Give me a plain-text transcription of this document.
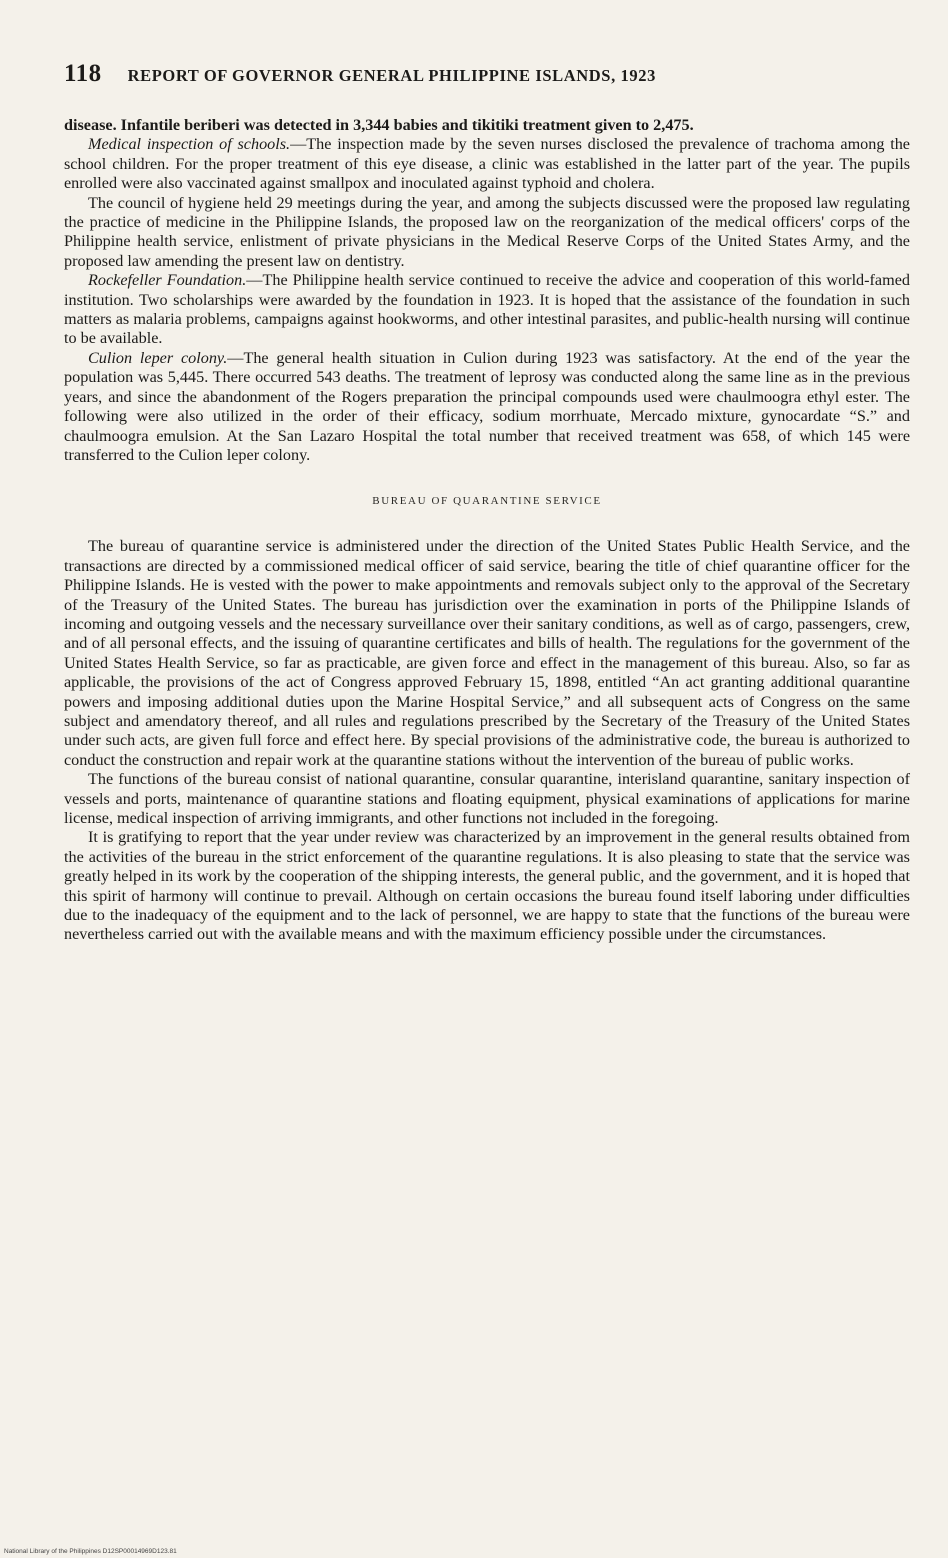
118 REPORT OF GOVERNOR GENERAL PHILIPPINE ISLANDS, 1923

disease. Infantile beriberi was detected in 3,344 babies and tikitiki treatment given to 2,475.

Medical inspection of schools.—The inspection made by the seven nurses disclosed the prevalence of trachoma among the school children. For the proper treatment of this eye disease, a clinic was established in the latter part of the year. The pupils enrolled were also vaccinated against smallpox and inoculated against typhoid and cholera.

The council of hygiene held 29 meetings during the year, and among the subjects discussed were the proposed law regulating the practice of medicine in the Philippine Islands, the proposed law on the reorganization of the medical officers' corps of the Philippine health service, enlistment of private physicians in the Medical Reserve Corps of the United States Army, and the proposed law amending the present law on dentistry.

Rockefeller Foundation.—The Philippine health service continued to receive the advice and cooperation of this world-famed institution. Two scholarships were awarded by the foundation in 1923. It is hoped that the assistance of the foundation in such matters as malaria problems, campaigns against hookworms, and other intestinal parasites, and public-health nursing will continue to be available.

Culion leper colony.—The general health situation in Culion during 1923 was satisfactory. At the end of the year the population was 5,445. There occurred 543 deaths. The treatment of leprosy was conducted along the same line as in the previous years, and since the abandonment of the Rogers preparation the principal compounds used were chaulmoogra ethyl ester. The following were also utilized in the order of their efficacy, sodium morrhuate, Mercado mixture, gynocardate “S.” and chaulmoogra emulsion. At the San Lazaro Hospital the total number that received treatment was 658, of which 145 were transferred to the Culion leper colony.

BUREAU OF QUARANTINE SERVICE

The bureau of quarantine service is administered under the direction of the United States Public Health Service, and the transactions are directed by a commissioned medical officer of said service, bearing the title of chief quarantine officer for the Philippine Islands. He is vested with the power to make appointments and removals subject only to the approval of the Secretary of the Treasury of the United States. The bureau has jurisdiction over the examination in ports of the Philippine Islands of incoming and outgoing vessels and the necessary surveillance over their sanitary conditions, as well as of cargo, passengers, crew, and of all personal effects, and the issuing of quarantine certificates and bills of health. The regulations for the government of the United States Health Service, so far as practicable, are given force and effect in the management of this bureau. Also, so far as applicable, the provisions of the act of Congress approved February 15, 1898, entitled “An act granting additional quarantine powers and imposing additional duties upon the Marine Hospital Service,” and all subsequent acts of Congress on the same subject and amendatory thereof, and all rules and regulations prescribed by the Secretary of the Treasury of the United States under such acts, are given full force and effect here. By special provisions of the administrative code, the bureau is authorized to conduct the construction and repair work at the quarantine stations without the intervention of the bureau of public works.

The functions of the bureau consist of national quarantine, consular quarantine, interisland quarantine, sanitary inspection of vessels and ports, maintenance of quarantine stations and floating equipment, physical examinations of applications for marine license, medical inspection of arriving immigrants, and other functions not included in the foregoing.

It is gratifying to report that the year under review was characterized by an improvement in the general results obtained from the activities of the bureau in the strict enforcement of the quarantine regulations. It is also pleasing to state that the service was greatly helped in its work by the cooperation of the shipping interests, the general public, and the government, and it is hoped that this spirit of harmony will continue to prevail. Although on certain occasions the bureau found itself laboring under difficulties due to the inadequacy of the equipment and to the lack of personnel, we are happy to state that the functions of the bureau were nevertheless carried out with the available means and with the maximum efficiency possible under the circumstances.

National Library of the Philippines D12SP00014969D123.81
